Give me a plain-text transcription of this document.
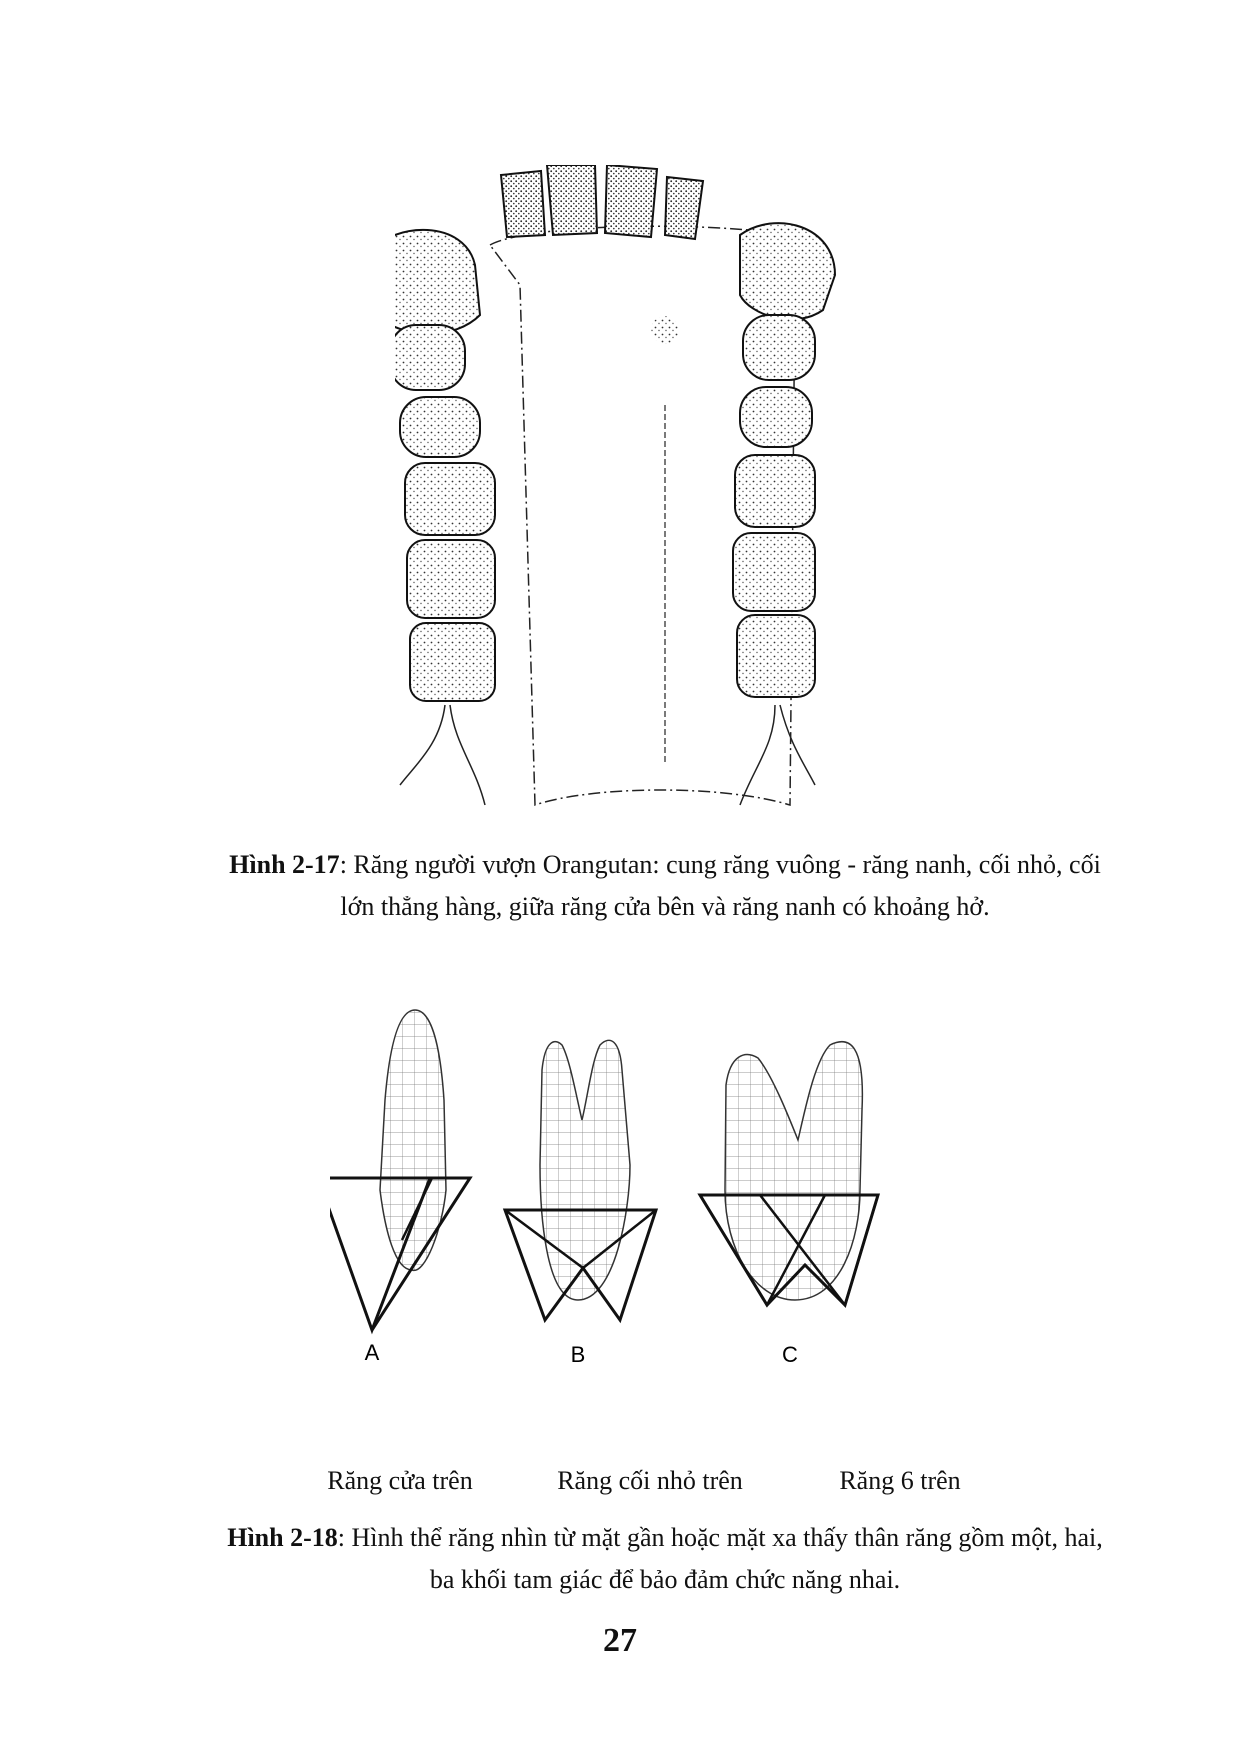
Hình 2-17: Răng người vượn Orangutan: cung răng vuông - răng nanh, cối nhỏ, cối lớn thẳng hàng, giữa răng cửa bên và răng nanh có khoảng hở.
A	B	C
Răng cửa trên	Răng cối nhỏ trên	Răng 6 trên
Hình 2-18: Hình thể răng nhìn từ mặt gần hoặc mặt xa thấy thân răng gồm một, hai, ba khối tam giác để bảo đảm chức năng nhai.
27
